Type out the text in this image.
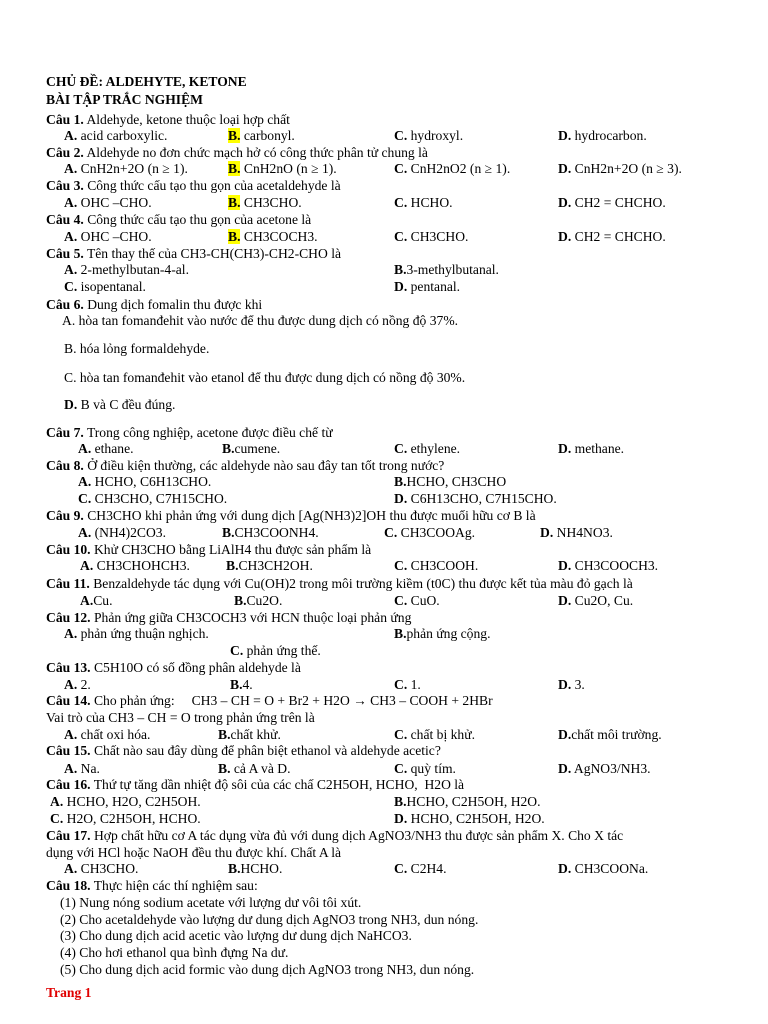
CHỦ ĐỀ: ALDEHYTE, KETONE
BÀI TẬP TRẮC NGHIỆM
Câu 1. Aldehyde, ketone thuộc loại hợp chất
A. acid carboxylic.	B. carbonyl.	C. hydroxyl.	D. hydrocarbon.
Câu 2. Aldehyde no đơn chức mạch hở có công thức phân tử chung là
A. CnH2n+2O (n ≥ 1).	B. CnH2nO (n ≥ 1).	C. CnH2nO2 (n ≥ 1).	D. CnH2n+2O (n ≥ 3).
Câu 3. Công thức cấu tạo thu gọn của acetaldehyde là
A. OHC –CHO.	B. CH3CHO.	C. HCHO.	D. CH2 = CHCHO.
Câu 4. Công thức cấu tạo thu gọn của acetone là
A. OHC –CHO.	B. CH3COCH3.	C. CH3CHO.	D. CH2 = CHCHO.
Câu 5. Tên thay thế của CH3-CH(CH3)-CH2-CHO là
A. 2-methylbutan-4-al.	B.3-methylbutanal.
C. isopentanal.	D. pentanal.
Câu 6. Dung dịch fomalin thu được khi
A. hòa tan fomanđehit vào nước để thu được dung dịch có nồng độ 37%.
B. hóa lỏng formaldehyde.
C. hòa tan fomanđehit vào etanol để thu được dung dịch có nồng độ 30%.
D. B và C đều đúng.
Câu 7. Trong công nghiệp, acetone được điều chế từ
A. ethane.	B.cumene.	C. ethylene.	D. methane.
Câu 8. Ở điều kiện thường, các aldehyde nào sau đây tan tốt trong nước?
A. HCHO, C6H13CHO.	B.HCHO, CH3CHO
C. CH3CHO, C7H15CHO.	D. C6H13CHO, C7H15CHO.
Câu 9. CH3CHO khi phản ứng với dung dịch [Ag(NH3)2]OH thu được muối hữu cơ B là
A. (NH4)2CO3.	B.CH3COONH4.	C. CH3COOAg.	D. NH4NO3.
Câu 10. Khử CH3CHO bằng LiAlH4 thu được sản phẩm là
A. CH3CHOHCH3.	B.CH3CH2OH.	C. CH3COOH.	D. CH3COOCH3.
Câu 11. Benzaldehyde tác dụng với Cu(OH)2 trong môi trường kiềm (t0C) thu được kết tủa màu đỏ gạch là
A.Cu.	B.Cu2O.	C. CuO.	D. Cu2O, Cu.
Câu 12. Phản ứng giữa CH3COCH3 với HCN thuộc loại phản ứng
A. phản ứng thuận nghịch.	B.phản ứng cộng.
C. phản ứng thế.
Câu 13. C5H10O có số đồng phân aldehyde là
A. 2.	B.4.	C. 1.	D. 3.
Câu 14. Cho phản ứng:     CH3 – CH = O + Br2 + H2O → CH3 – COOH + 2HBr
Vai trò của CH3 – CH = O trong phản ứng trên là
A. chất oxi hóa.	B.chất khử.	C. chất bị khử.	D.chất môi trường.
Câu 15. Chất nào sau đây dùng để phân biệt ethanol và aldehyde acetic?
A. Na.	B. cả A và D.	C. quỳ tím.	D. AgNO3/NH3.
Câu 16. Thứ tự tăng dần nhiệt độ sôi của các chấ C2H5OH, HCHO,  H2O là
A. HCHO, H2O, C2H5OH.	B.HCHO, C2H5OH, H2O.
C. H2O, C2H5OH, HCHO.	D. HCHO, C2H5OH, H2O.
Câu 17. Hợp chất hữu cơ A tác dụng vừa đủ với dung dịch AgNO3/NH3 thu được sản phẩm X. Cho X tác
dụng với HCl hoặc NaOH đều thu được khí. Chất A là
A. CH3CHO.	B.HCHO.	C. C2H4.	D. CH3COONa.
Câu 18. Thực hiện các thí nghiệm sau:
(1) Nung nóng sodium acetate với lượng dư vôi tôi xút.
(2) Cho acetaldehyde vào lượng dư dung dịch AgNO3 trong NH3, dun nóng.
(3) Cho dung dịch acid acetic vào lượng dư dung dịch NaHCO3.
(4) Cho hơi ethanol qua bình đựng Na dư.
(5) Cho dung dịch acid formic vào dung dịch AgNO3 trong NH3, dun nóng.
Trang 1
